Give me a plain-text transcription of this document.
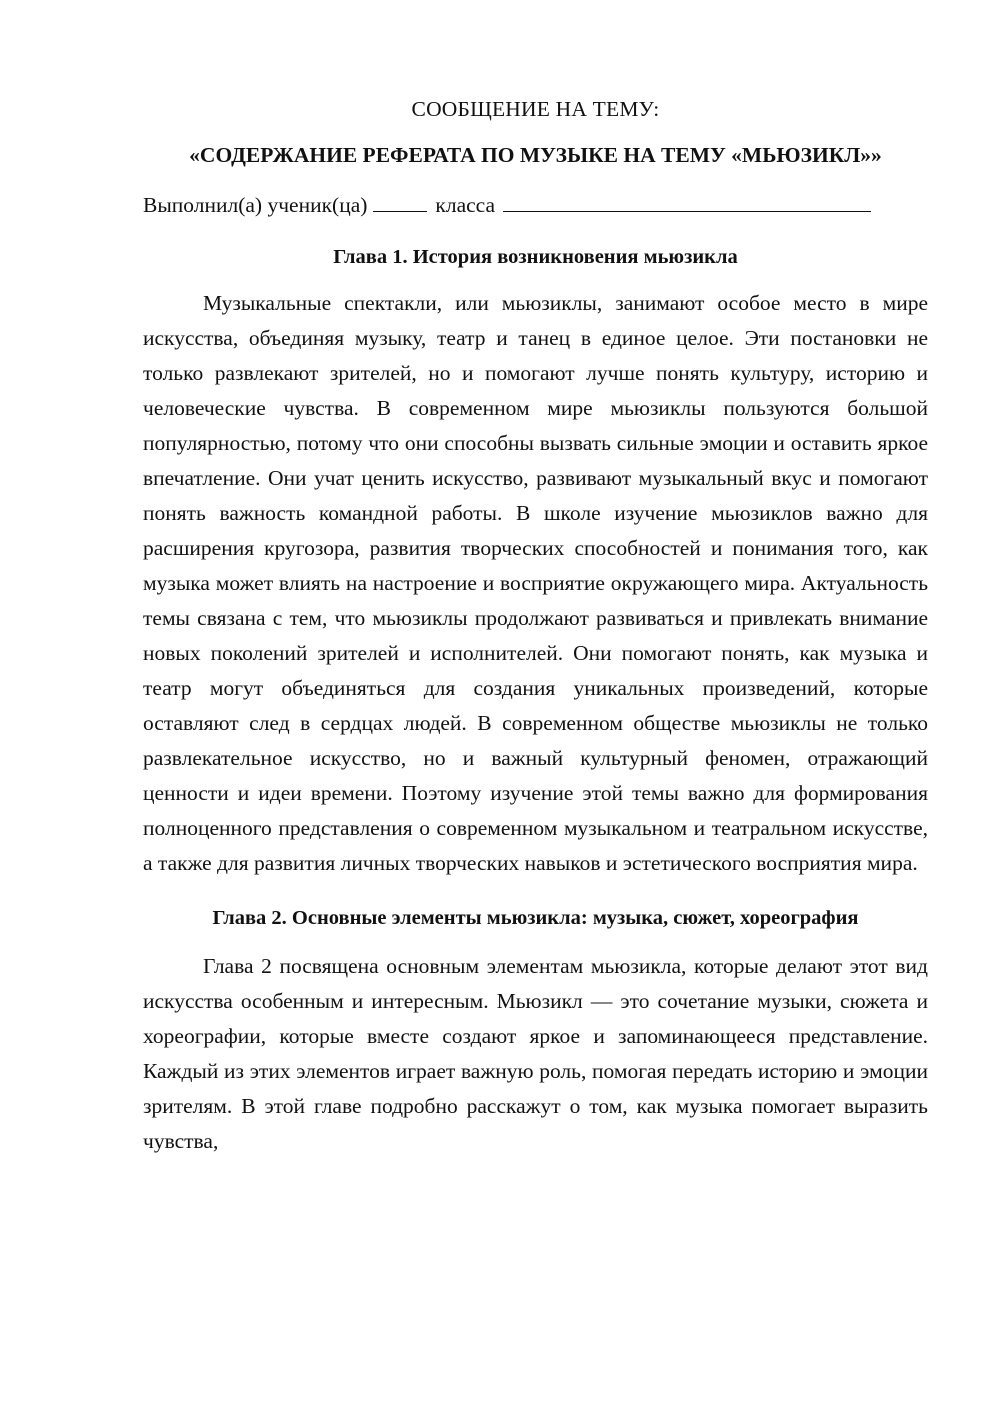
СООБЩЕНИЕ НА ТЕМУ:

«СОДЕРЖАНИЕ РЕФЕРАТА ПО МУЗЫКЕ НА ТЕМУ «МЬЮЗИКЛ»»

Выполнил(а) ученик(ца)	класса

Глава 1. История возникновения мьюзикла

Музыкальные спектакли, или мьюзиклы, занимают особое место в мире искусства, объединяя музыку, театр и танец в единое целое. Эти постановки не только развлекают зрителей, но и помогают лучше понять культуру, историю и человеческие чувства. В современном мире мьюзиклы пользуются большой популярностью, потому что они способны вызвать сильные эмоции и оставить яркое впечатление. Они учат ценить искусство, развивают музыкальный вкус и помогают понять важность командной работы. В школе изучение мьюзиклов важно для расширения кругозора, развития творческих способностей и понимания того, как музыка может влиять на настроение и восприятие окружающего мира. Актуальность темы связана с тем, что мьюзиклы продолжают развиваться и привлекать внимание новых поколений зрителей и исполнителей. Они помогают понять, как музыка и театр могут объединяться для создания уникальных произведений, которые оставляют след в сердцах людей. В современном обществе мьюзиклы не только развлекательное искусство, но и важный культурный феномен, отражающий ценности и идеи времени. Поэтому изучение этой темы важно для формирования полноценного представления о современном музыкальном и театральном искусстве, а также для развития личных творческих навыков и эстетического восприятия мира.

Глава 2. Основные элементы мьюзикла: музыка, сюжет, хореография

Глава 2 посвящена основным элементам мьюзикла, которые делают этот вид искусства особенным и интересным. Мьюзикл — это сочетание музыки, сюжета и хореографии, которые вместе создают яркое и запоминающееся представление. Каждый из этих элементов играет важную роль, помогая передать историю и эмоции зрителям. В этой главе подробно расскажут о том, как музыка помогает выразить чувства,
